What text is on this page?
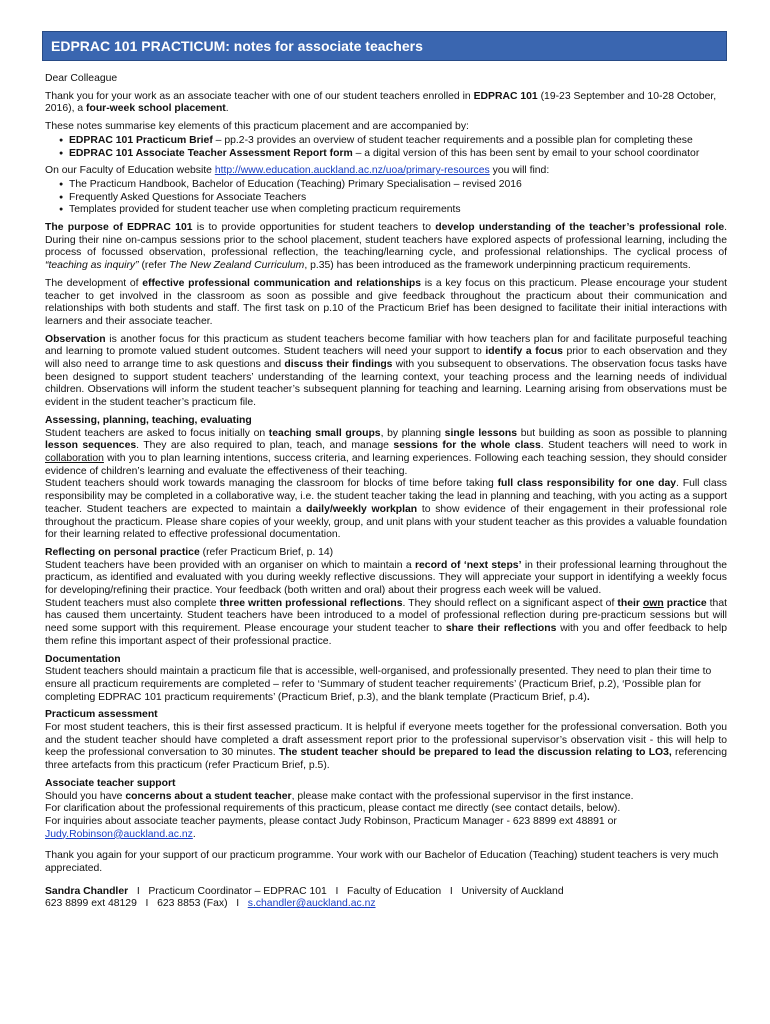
EDPRAC 101 PRACTICUM: notes for associate teachers

Dear Colleague

Thank you for your work as an associate teacher with one of our student teachers enrolled in EDPRAC 101 (19-23 September and 10-28 October, 2016), a four-week school placement.

These notes summarise key elements of this practicum placement and are accompanied by:

● EDPRAC 101 Practicum Brief – pp.2-3 provides an overview of student teacher requirements and a possible plan for completing these
● EDPRAC 101 Associate Teacher Assessment Report form – a digital version of this has been sent by email to your school coordinator

On our Faculty of Education website http://www.education.auckland.ac.nz/uoa/primary-resources you will find:

● The Practicum Handbook, Bachelor of Education (Teaching) Primary Specialisation – revised 2016
● Frequently Asked Questions for Associate Teachers
● Templates provided for student teacher use when completing practicum requirements

The purpose of EDPRAC 101 is to provide opportunities for student teachers to develop understanding of the teacher’s professional role. During their nine on-campus sessions prior to the school placement, student teachers have explored aspects of professional learning, including the process of focussed observation, professional reflection, the teaching/learning cycle, and professional relationships. The cyclical process of “teaching as inquiry” (refer The New Zealand Curriculum, p.35) has been introduced as the framework underpinning practicum requirements.

The development of effective professional communication and relationships is a key focus on this practicum. Please encourage your student teacher to get involved in the classroom as soon as possible and give feedback throughout the practicum about their communication and relationships with both students and staff. The first task on p.10 of the Practicum Brief has been designed to facilitate their initial interactions with learners and their associate teacher.

Observation is another focus for this practicum as student teachers become familiar with how teachers plan for and facilitate purposeful teaching and learning to promote valued student outcomes. Student teachers will need your support to identify a focus prior to each observation and they will also need to arrange time to ask questions and discuss their findings with you subsequent to observations. The observation focus tasks have been designed to support student teachers’ understanding of the learning context, your teaching process and the learning needs of individual children. Observations will inform the student teacher’s subsequent planning for teaching and learning. Learning arising from observations must be evident in the student teacher’s practicum file.

Assessing, planning, teaching, evaluating

Student teachers are asked to focus initially on teaching small groups, by planning single lessons but building as soon as possible to planning lesson sequences. They are also required to plan, teach, and manage sessions for the whole class. Student teachers will need to work in collaboration with you to plan learning intentions, success criteria, and learning experiences. Following each teaching session, they should consider evidence of children’s learning and evaluate the effectiveness of their teaching.

Student teachers should work towards managing the classroom for blocks of time before taking full class responsibility for one day. Full class responsibility may be completed in a collaborative way, i.e. the student teacher taking the lead in planning and teaching, with you acting as a support teacher. Student teachers are expected to maintain a daily/weekly workplan to show evidence of their engagement in their professional role throughout the practicum. Please share copies of your weekly, group, and unit plans with your student teacher as this provides a valuable foundation for their learning related to effective professional documentation.

Reflecting on personal practice (refer Practicum Brief, p. 14)

Student teachers have been provided with an organiser on which to maintain a record of ‘next steps’ in their professional learning throughout the practicum, as identified and evaluated with you during weekly reflective discussions. They will appreciate your support in identifying a weekly focus for developing/refining their practice. Your feedback (both written and oral) about their progress each week will be valued.

Student teachers must also complete three written professional reflections. They should reflect on a significant aspect of their own practice that has caused them uncertainty. Student teachers have been introduced to a model of professional reflection during pre-practicum sessions but will need some support with this requirement. Please encourage your student teacher to share their reflections with you and offer feedback to help them refine this important aspect of their professional practice.

Documentation

Student teachers should maintain a practicum file that is accessible, well-organised, and professionally presented. They need to plan their time to ensure all practicum requirements are completed – refer to ‘Summary of student teacher requirements’ (Practicum Brief, p.2), ‘Possible plan for completing EDPRAC 101 practicum requirements’ (Practicum Brief, p.3), and the blank template (Practicum Brief, p.4).

Practicum assessment

For most student teachers, this is their first assessed practicum. It is helpful if everyone meets together for the professional conversation. Both you and the student teacher should have completed a draft assessment report prior to the professional supervisor’s observation visit - this will help to keep the professional conversation to 30 minutes. The student teacher should be prepared to lead the discussion relating to LO3, referencing three artefacts from this practicum (refer Practicum Brief, p.5).

Associate teacher support
Should you have concerns about a student teacher, please make contact with the professional supervisor in the first instance.
For clarification about the professional requirements of this practicum, please contact me directly (see contact details, below).

For inquiries about associate teacher payments, please contact Judy Robinson, Practicum Manager - 623 8899 ext 48891 or Judy.Robinson@auckland.ac.nz.

Thank you again for your support of our practicum programme. Your work with our Bachelor of Education (Teaching) student teachers is very much appreciated.

Sandra Chandler   I   Practicum Coordinator – EDPRAC 101   I   Faculty of Education   I   University of Auckland
623 8899 ext 48129   I   623 8853 (Fax)   I   s.chandler@auckland.ac.nz
